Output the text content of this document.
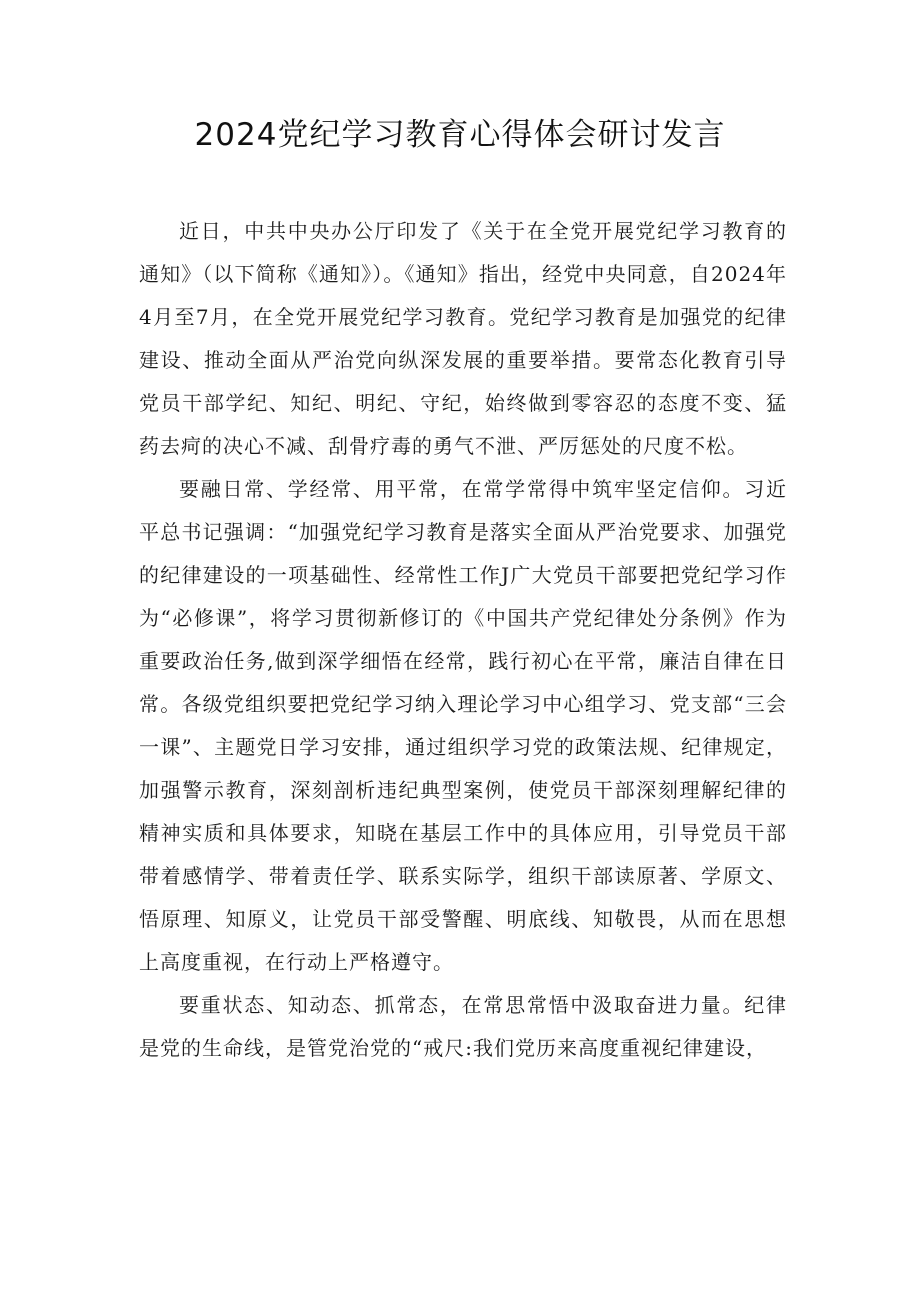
2024党纪学习教育心得体会研讨发言

近日，中共中央办公厅印发了《关于在全党开展党纪学习教育的通知》（以下简称《通知》）。《通知》指出，经党中央同意，自2024年4月至7月，在全党开展党纪学习教育。党纪学习教育是加强党的纪律建设、推动全面从严治党向纵深发展的重要举措。要常态化教育引导党员干部学纪、知纪、明纪、守纪，始终做到零容忍的态度不变、猛药去疴的决心不减、刮骨疗毒的勇气不泄、严厉惩处的尺度不松。

要融日常、学经常、用平常，在常学常得中筑牢坚定信仰。习近平总书记强调：“加强党纪学习教育是落实全面从严治党要求、加强党的纪律建设的一项基础性、经常性工作J广大党员干部要把党纪学习作为“必修课”，将学习贯彻新修订的《中国共产党纪律处分条例》作为重要政治任务,做到深学细悟在经常，践行初心在平常，廉洁自律在日常。各级党组织要把党纪学习纳入理论学习中心组学习、党支部“三会一课”、主题党日学习安排，通过组织学习党的政策法规、纪律规定，加强警示教育，深刻剖析违纪典型案例，使党员干部深刻理解纪律的精神实质和具体要求，知晓在基层工作中的具体应用，引导党员干部带着感情学、带着责任学、联系实际学，组织干部读原著、学原文、悟原理、知原义，让党员干部受警醒、明底线、知敬畏，从而在思想上高度重视，在行动上严格遵守。

要重状态、知动态、抓常态，在常思常悟中汲取奋进力量。纪律是党的生命线，是管党治党的“戒尺:我们党历来高度重视纪律建设，
